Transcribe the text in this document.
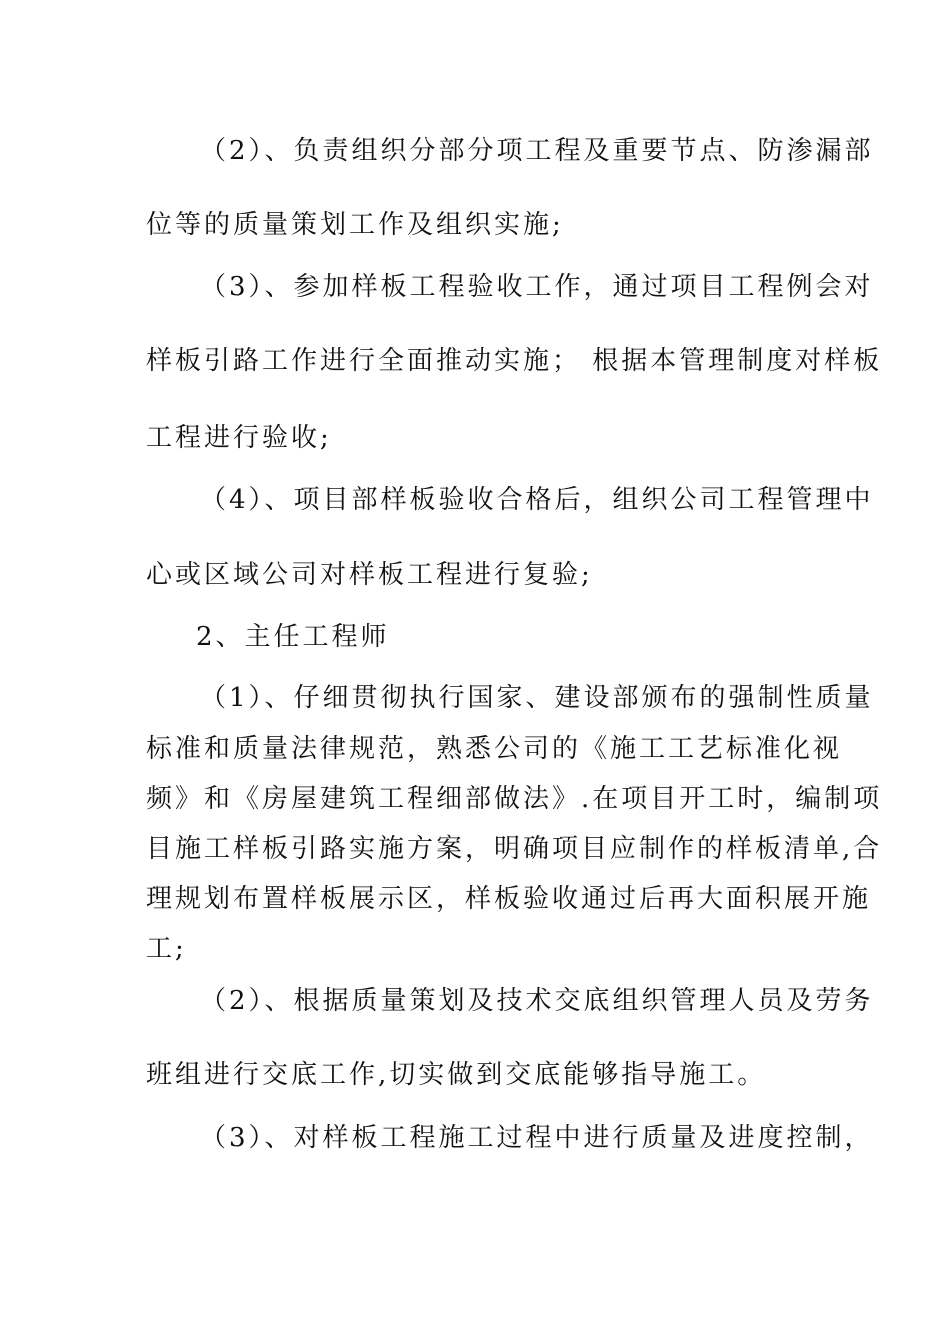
（2）、负责组织分部分项工程及重要节点、防渗漏部
位等的质量策划工作及组织实施;
（3）、参加样板工程验收工作，通过项目工程例会对
样板引路工作进行全面推动实施； 根据本管理制度对样板
工程进行验收;
（4）、项目部样板验收合格后，组织公司工程管理中
心或区域公司对样板工程进行复验;
2、主任工程师
（1）、仔细贯彻执行国家、建设部颁布的强制性质量
标准和质量法律规范，熟悉公司的《施工工艺标准化视
频》和《房屋建筑工程细部做法》.在项目开工时，编制项
目施工样板引路实施方案，明确项目应制作的样板清单,合
理规划布置样板展示区，样板验收通过后再大面积展开施
工;
（2）、根据质量策划及技术交底组织管理人员及劳务
班组进行交底工作,切实做到交底能够指导施工。
（3）、对样板工程施工过程中进行质量及进度控制，
